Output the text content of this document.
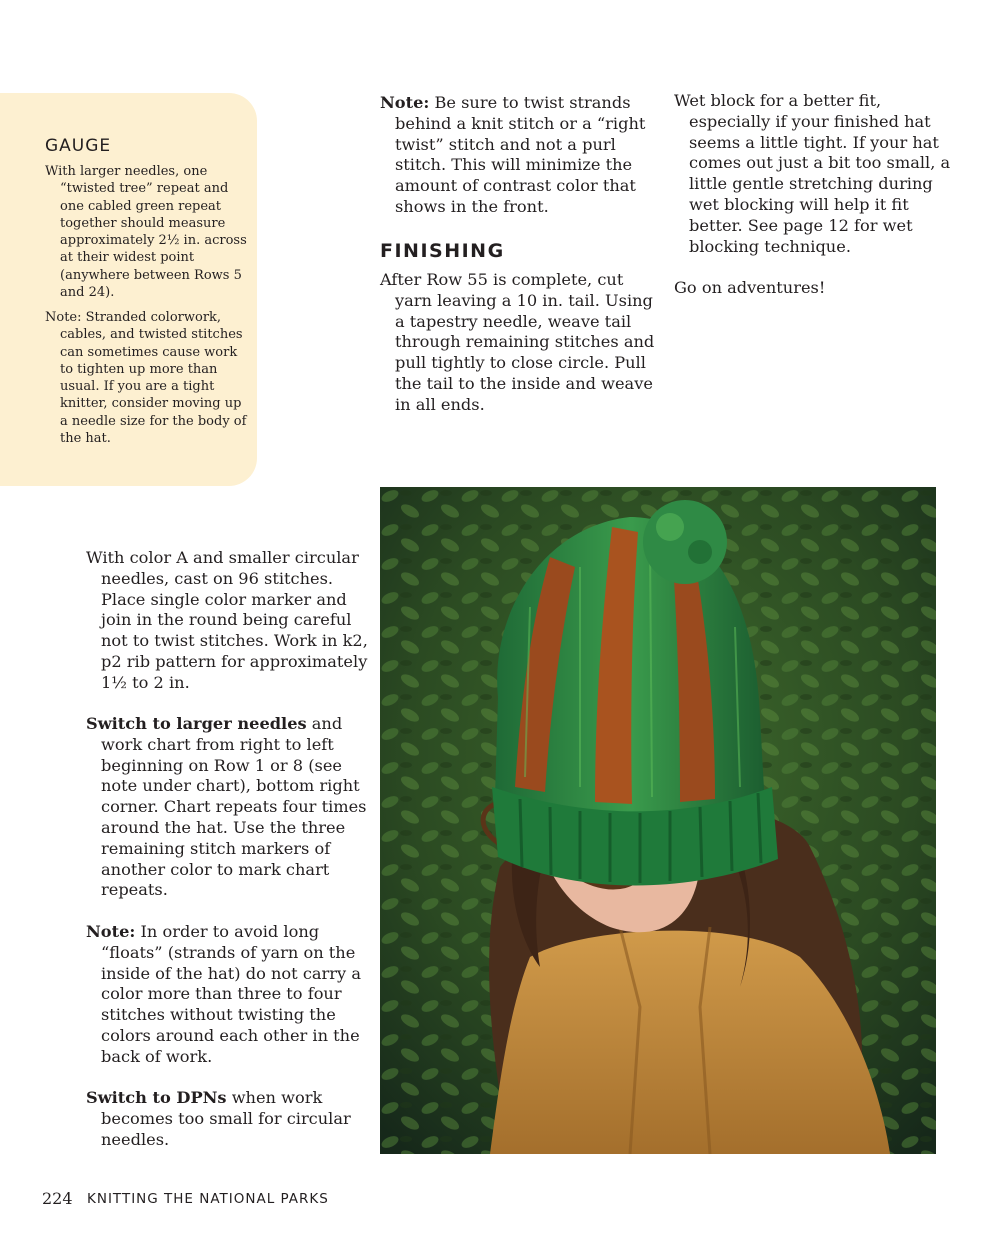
GAUGE

With larger needles, one “twisted tree” repeat and one cabled green repeat together should measure approximately 2½ in. across at their widest point (anywhere between Rows 5 and 24).

Note: Stranded colorwork, cables, and twisted stitches can sometimes cause work to tighten up more than usual. If you are a tight knitter, consider moving up a needle size for the body of the hat.

Note: Be sure to twist strands behind a knit stitch or a “right twist” stitch and not a purl stitch. This will minimize the amount of contrast color that shows in the front.

FINISHING

After Row 55 is complete, cut yarn leaving a 10 in. tail. Using a tapestry needle, weave tail through remaining stitches and pull tightly to close circle. Pull the tail to the inside and weave in all ends.

Wet block for a better fit, especially if your finished hat seems a little tight. If your hat comes out just a bit too small, a little gentle stretching during wet blocking will help it fit better. See page 12 for wet blocking technique.

Go on adventures!

With color A and smaller circular needles, cast on 96 stitches. Place single color marker and join in the round being careful not to twist stitches. Work in k2, p2 rib pattern for approximately 1½ to 2 in.

Switch to larger needles and work chart from right to left beginning on Row 1 or 8 (see note under chart), bottom right corner. Chart repeats four times around the hat. Use the three remaining stitch markers of another color to mark chart repeats.

Note: In order to avoid long “floats” (strands of yarn on the inside of the hat) do not carry a color more than three to four stitches without twisting the colors around each other in the back of work.

Switch to DPNs when work becomes too small for circular needles.

224 KNITTING THE NATIONAL PARKS
